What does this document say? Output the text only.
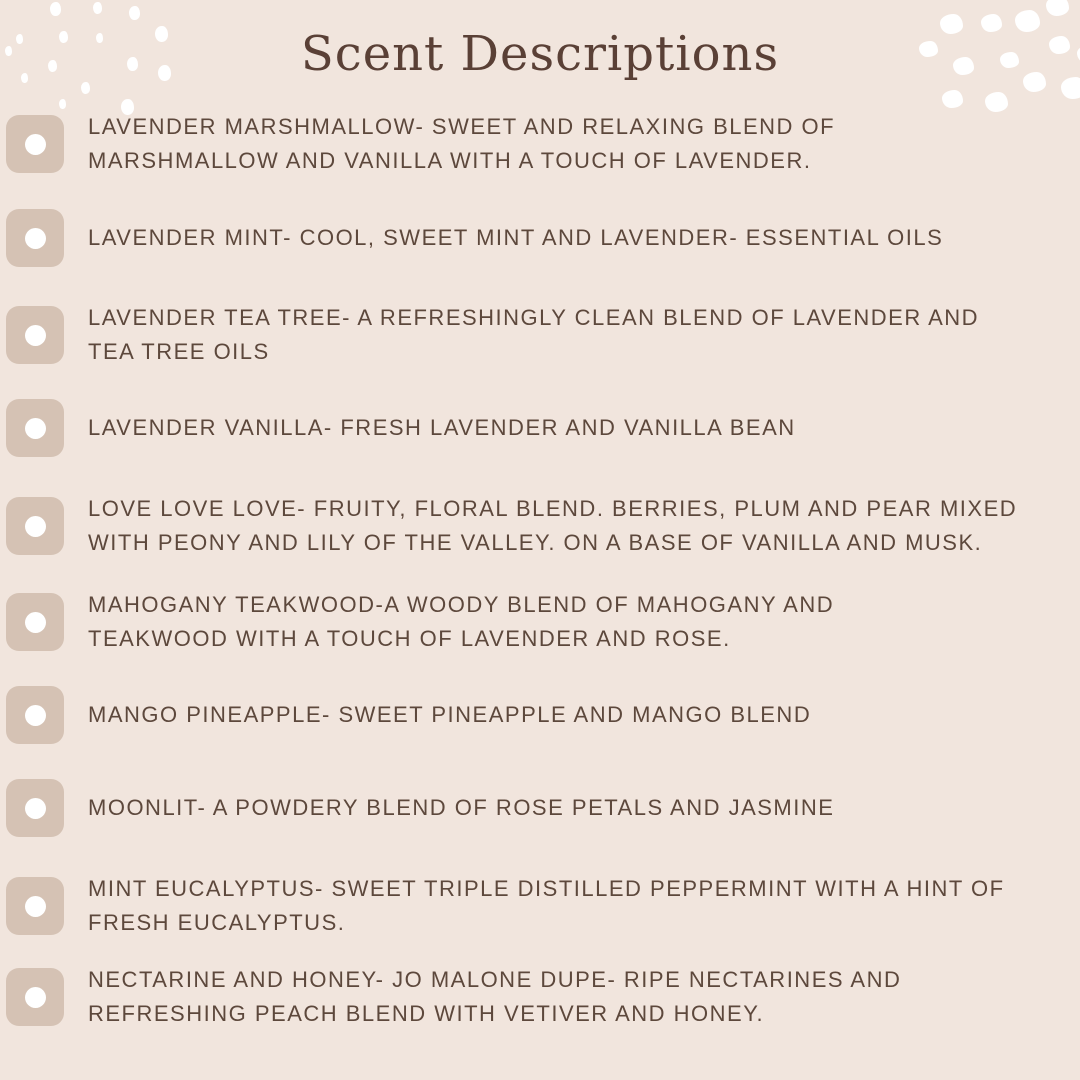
Scent Descriptions
LAVENDER MARSHMALLOW- SWEET AND RELAXING BLEND OF
MARSHMALLOW AND VANILLA WITH A TOUCH OF LAVENDER.
LAVENDER MINT- COOL, SWEET MINT AND LAVENDER- ESSENTIAL OILS
LAVENDER TEA TREE- A REFRESHINGLY CLEAN BLEND OF LAVENDER AND
TEA TREE OILS
LAVENDER VANILLA- FRESH LAVENDER AND VANILLA BEAN
LOVE LOVE LOVE- FRUITY, FLORAL BLEND. BERRIES, PLUM AND PEAR MIXED
WITH PEONY AND LILY OF THE VALLEY. ON A BASE OF VANILLA AND MUSK.
MAHOGANY TEAKWOOD-A WOODY BLEND OF MAHOGANY AND
TEAKWOOD WITH A TOUCH OF LAVENDER AND ROSE.
MANGO PINEAPPLE- SWEET PINEAPPLE AND MANGO BLEND
MOONLIT- A POWDERY BLEND OF ROSE PETALS AND JASMINE
MINT EUCALYPTUS- SWEET TRIPLE DISTILLED PEPPERMINT WITH A HINT OF
FRESH EUCALYPTUS.
NECTARINE AND HONEY- JO MALONE DUPE- RIPE NECTARINES AND
REFRESHING PEACH BLEND WITH VETIVER AND HONEY.
